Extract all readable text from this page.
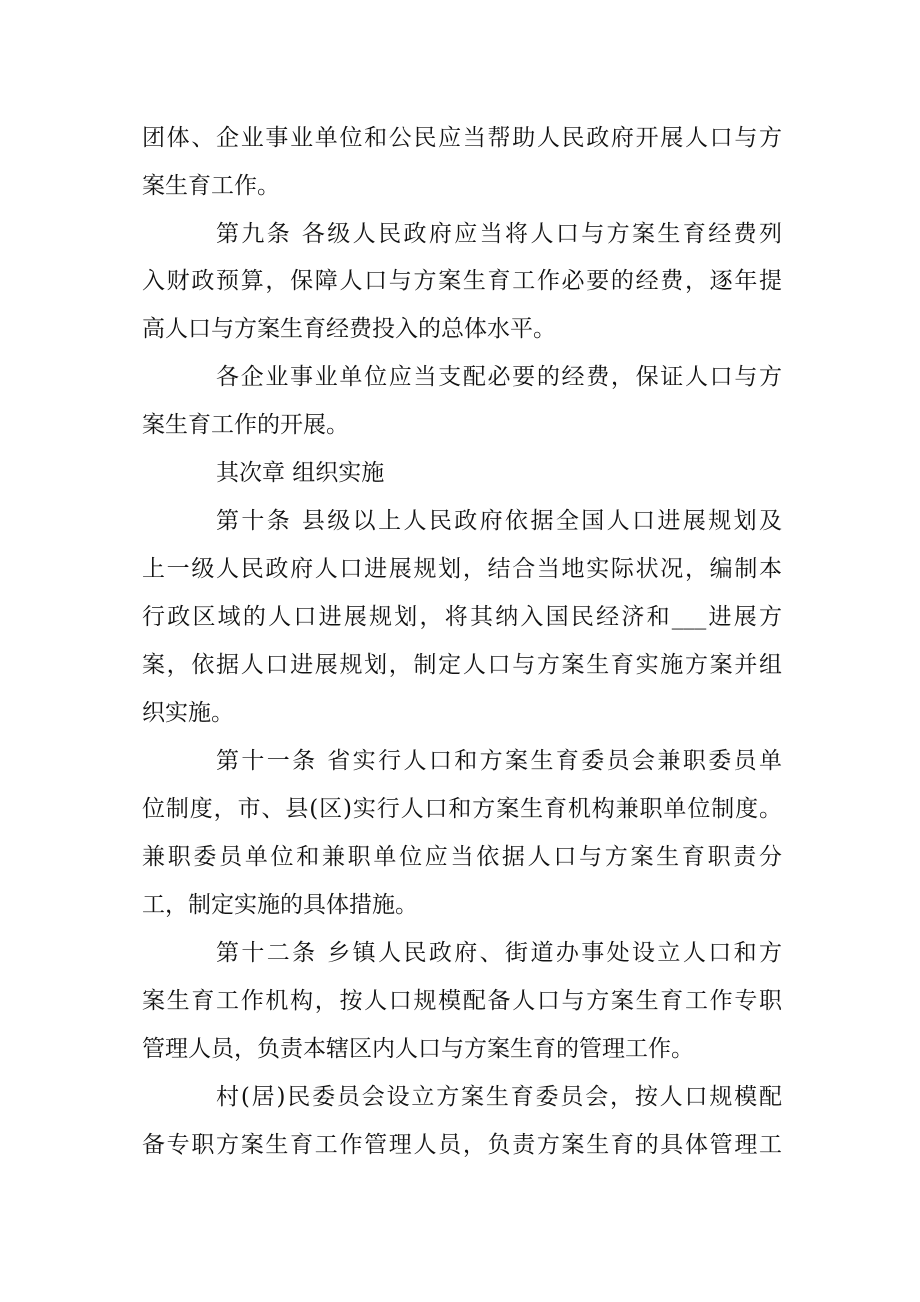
团体、企业事业单位和公民应当帮助人民政府开展人口与方
案生育工作。
第九条 各级人民政府应当将人口与方案生育经费列
入财政预算，保障人口与方案生育工作必要的经费，逐年提
高人口与方案生育经费投入的总体水平。
各企业事业单位应当支配必要的经费，保证人口与方
案生育工作的开展。
其次章 组织实施
第十条 县级以上人民政府依据全国人口进展规划及
上一级人民政府人口进展规划，结合当地实际状况，编制本
行政区域的人口进展规划，将其纳入国民经济和___进展方
案，依据人口进展规划，制定人口与方案生育实施方案并组
织实施。
第十一条 省实行人口和方案生育委员会兼职委员单
位制度，市、县(区)实行人口和方案生育机构兼职单位制度。
兼职委员单位和兼职单位应当依据人口与方案生育职责分
工，制定实施的具体措施。
第十二条 乡镇人民政府、街道办事处设立人口和方
案生育工作机构，按人口规模配备人口与方案生育工作专职
管理人员，负责本辖区内人口与方案生育的管理工作。
村(居)民委员会设立方案生育委员会，按人口规模配
备专职方案生育工作管理人员，负责方案生育的具体管理工
